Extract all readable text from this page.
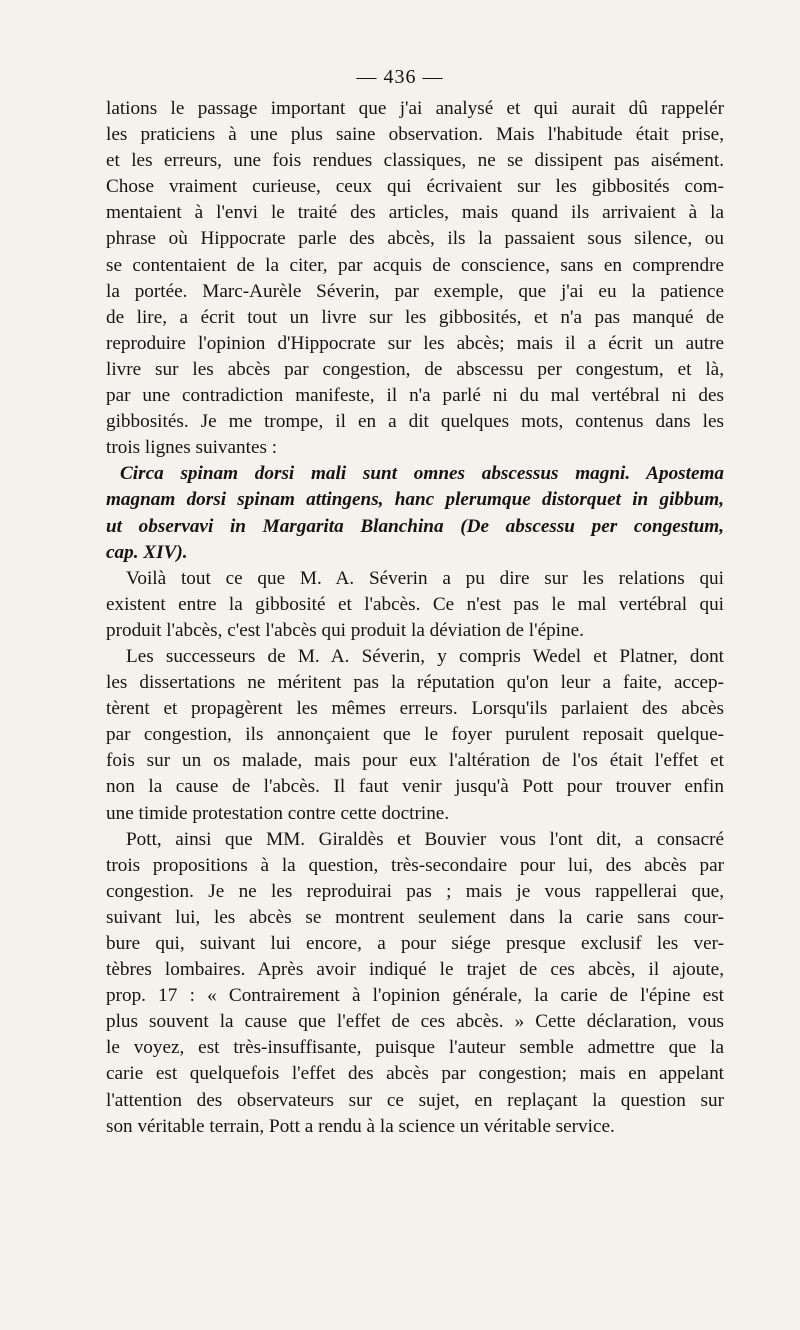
— 436 —
lations le passage important que j'ai analysé et qui aurait dû rappelér
les praticiens à une plus saine observation. Mais l'habitude était prise,
et les erreurs, une fois rendues classiques, ne se dissipent pas aisément.
Chose vraiment curieuse, ceux qui écrivaient sur les gibbosités com-
mentaient à l'envi le traité des articles, mais quand ils arrivaient à la
phrase où Hippocrate parle des abcès, ils la passaient sous silence, ou
se contentaient de la citer, par acquis de conscience, sans en comprendre
la portée. Marc-Aurèle Séverin, par exemple, que j'ai eu la patience
de lire, a écrit tout un livre sur les gibbosités, et n'a pas manqué de
reproduire l'opinion d'Hippocrate sur les abcès; mais il a écrit un autre
livre sur les abcès par congestion, de abscessu per congestum, et là,
par une contradiction manifeste, il n'a parlé ni du mal vertébral ni des
gibbosités. Je me trompe, il en a dit quelques mots, contenus dans les
trois lignes suivantes :
Circa spinam dorsi mali sunt omnes abscessus magni. Apostema
magnam dorsi spinam attingens, hanc plerumque distorquet in gibbum,
ut observavi in Margarita Blanchina (De abscessu per congestum,
cap. XIV).
Voilà tout ce que M. A. Séverin a pu dire sur les relations qui
existent entre la gibbosité et l'abcès. Ce n'est pas le mal vertébral qui
produit l'abcès, c'est l'abcès qui produit la déviation de l'épine.
Les successeurs de M. A. Séverin, y compris Wedel et Platner, dont
les dissertations ne méritent pas la réputation qu'on leur a faite, accep-
tèrent et propagèrent les mêmes erreurs. Lorsqu'ils parlaient des abcès
par congestion, ils annonçaient que le foyer purulent reposait quelque-
fois sur un os malade, mais pour eux l'altération de l'os était l'effet et
non la cause de l'abcès. Il faut venir jusqu'à Pott pour trouver enfin
une timide protestation contre cette doctrine.
Pott, ainsi que MM. Giraldès et Bouvier vous l'ont dit, a consacré
trois propositions à la question, très-secondaire pour lui, des abcès par
congestion. Je ne les reproduirai pas ; mais je vous rappellerai que,
suivant lui, les abcès se montrent seulement dans la carie sans cour-
bure qui, suivant lui encore, a pour siége presque exclusif les ver-
tèbres lombaires. Après avoir indiqué le trajet de ces abcès, il ajoute,
prop. 17 : « Contrairement à l'opinion générale, la carie de l'épine est
plus souvent la cause que l'effet de ces abcès. » Cette déclaration, vous
le voyez, est très-insuffisante, puisque l'auteur semble admettre que la
carie est quelquefois l'effet des abcès par congestion; mais en appelant
l'attention des observateurs sur ce sujet, en replaçant la question sur
son véritable terrain, Pott a rendu à la science un véritable service.
